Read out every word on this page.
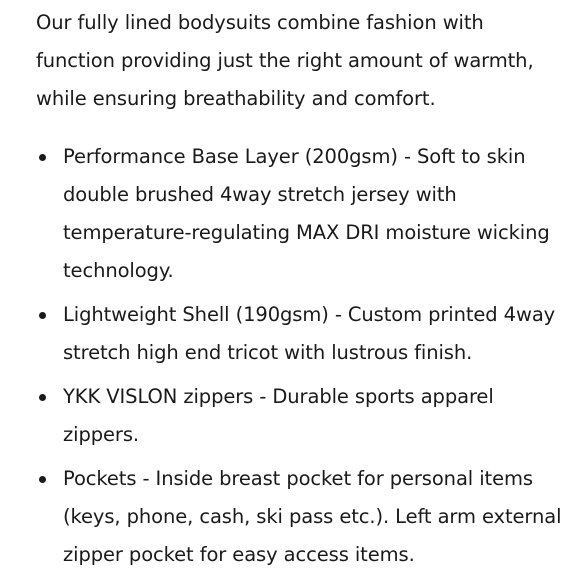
Our fully lined bodysuits combine fashion with function providing just the right amount of warmth, while ensuring breathability and comfort.

Performance Base Layer (200gsm) - Soft to skin double brushed 4way stretch jersey with temperature-regulating MAX DRI moisture wicking technology.
Lightweight Shell (190gsm) - Custom printed 4way stretch high end tricot with lustrous finish.
YKK VISLON zippers - Durable sports apparel zippers.
Pockets - Inside breast pocket for personal items (keys, phone, cash, ski pass etc.). Left arm external zipper pocket for easy access items.
